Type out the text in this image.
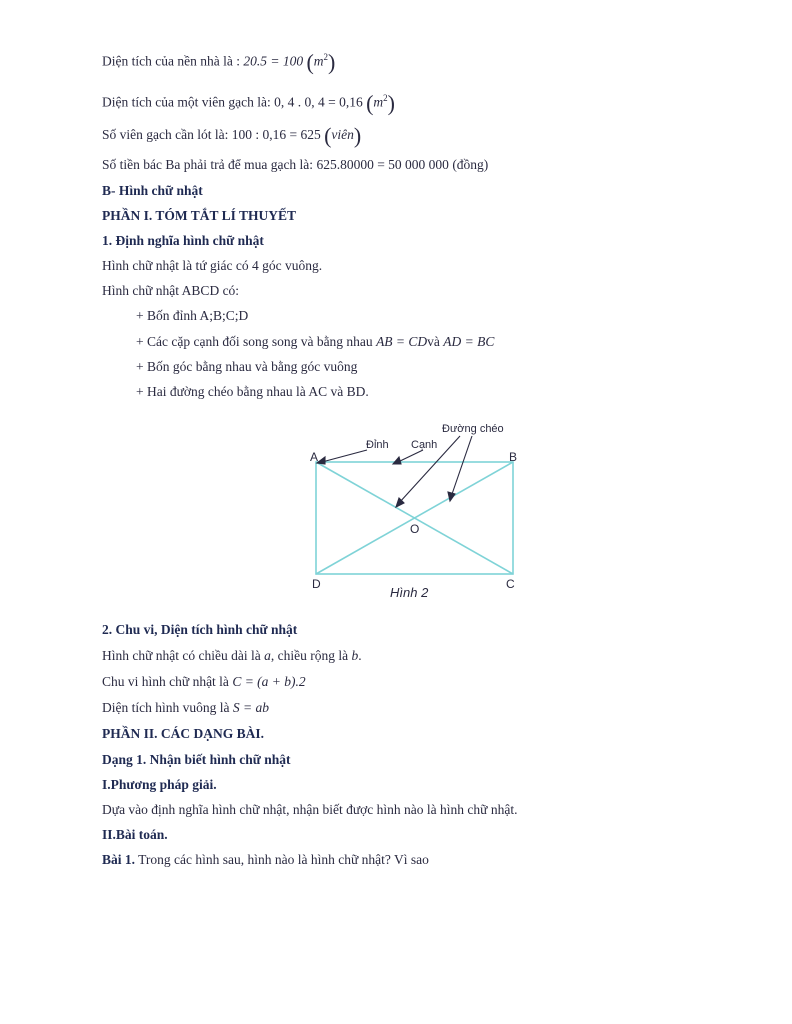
Diện tích của nền nhà là : 20.5 = 100 $(m^2)$
Diện tích của một viên gạch là: 0, 4 . 0, 4 = 0,16 $(m^2)$
Số viên gạch cần lót là: 100 : 0,16 = 625 (viên)
Số tiền bác Ba phải trả để mua gạch là: 625.80000 = 50 000 000 (đồng)
B- Hình chữ nhật
PHẦN I. TÓM TẮT LÍ THUYẾT
1. Định nghĩa hình chữ nhật
Hình chữ nhật là tứ giác có 4 góc vuông.
Hình chữ nhật ABCD có:
+ Bốn đỉnh A;B;C;D
+ Các cặp cạnh đối song song và bằng nhau AB = CDvà AD = BC
+ Bốn góc bằng nhau và bằng góc vuông
+ Hai đường chéo bằng nhau là AC và BD.
A	B
C
D
O
Đỉnh Cạnh
Đường chéo
Hình 2
2. Chu vi, Diện tích hình chữ nhật
Hình chữ nhật có chiều dài là a, chiều rộng là b.
Chu vi hình chữ nhật là C = (a + b).2
Diện tích hình vuông là S = ab
PHẦN II. CÁC DẠNG BÀI.
Dạng 1. Nhận biết hình chữ nhật
I.Phương pháp giải.
Dựa vào định nghĩa hình chữ nhật, nhận biết được hình nào là hình chữ nhật.
II.Bài toán.
Bài 1. Trong các hình sau, hình nào là hình chữ nhật? Vì sao
